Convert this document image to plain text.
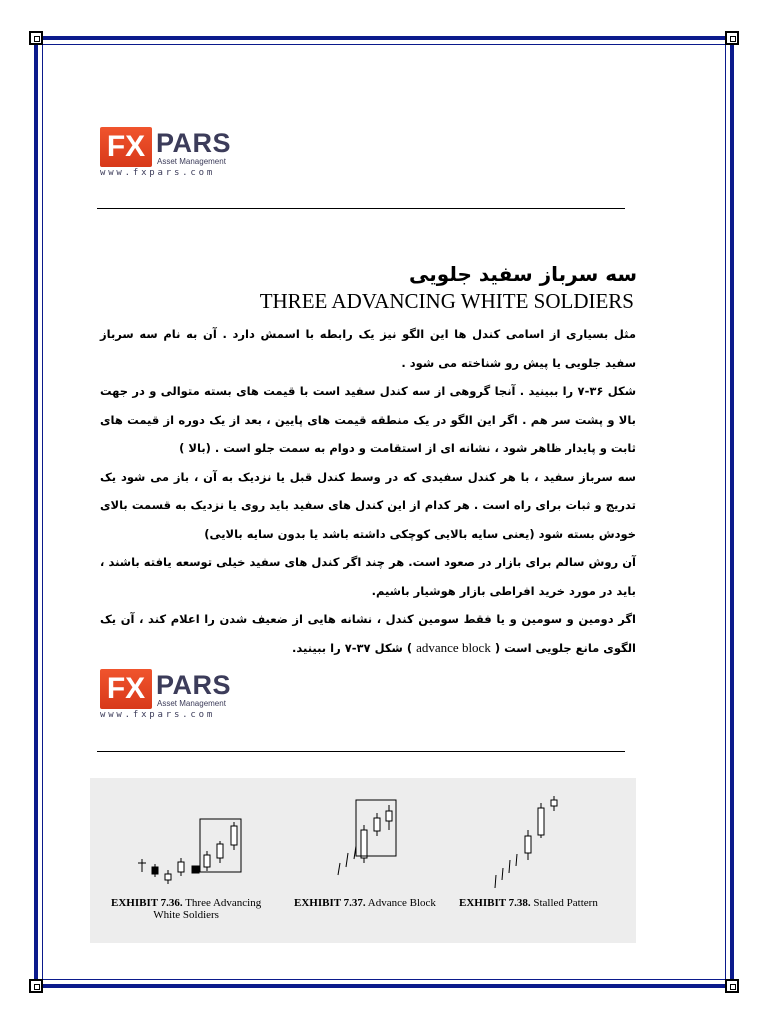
FX PARS
Asset Management
www.fxpars.com
سه سرباز سفید جلویی
THREE ADVANCING WHITE SOLDIERS

مثل بسیاری از اسامی کندل ها این الگو نیز یک رابطه با اسمش دارد . آن به نام سه سرباز سفید جلویی یا پیش رو شناخته می شود .

شکل ۳۶-۷ را ببینید . آنجا گروهی از سه کندل سفید است با قیمت های بسته متوالی و در جهت بالا و پشت سر هم . اگر این الگو در یک منطقه قیمت های پایین ، بعد از یک دوره از قیمت های ثابت و پایدار ظاهر شود ، نشانه ای از استقامت و دوام به سمت جلو است . (بالا )

سه سرباز سفید ، با هر کندل سفیدی که در وسط کندل قبل یا نزدیک به آن ، باز می شود یک تدریج و ثبات برای راه است . هر کدام از این کندل های سفید باید روی یا نزدیک به قسمت بالای خودش بسته شود (یعنی سایه بالایی کوچکی داشته باشد یا بدون سایه بالایی)

آن روش سالم برای بازار در صعود است. هر چند اگر کندل های سفید خیلی توسعه یافته باشند ، باید در مورد خرید افراطی بازار هوشیار باشیم.

اگر دومین و سومین و یا فقط سومین کندل ، نشانه هایی از ضعیف شدن را اعلام کند ، آن یک الگوی مانع جلویی است ( advance block ) شکل ۳۷-۷ را ببینید.

FX PARS
Asset Management
www.fxpars.com
EXHIBIT 7.36. Three Advancing
White Soldiers
EXHIBIT 7.37. Advance Block EXHIBIT 7.38. Stalled Pattern
